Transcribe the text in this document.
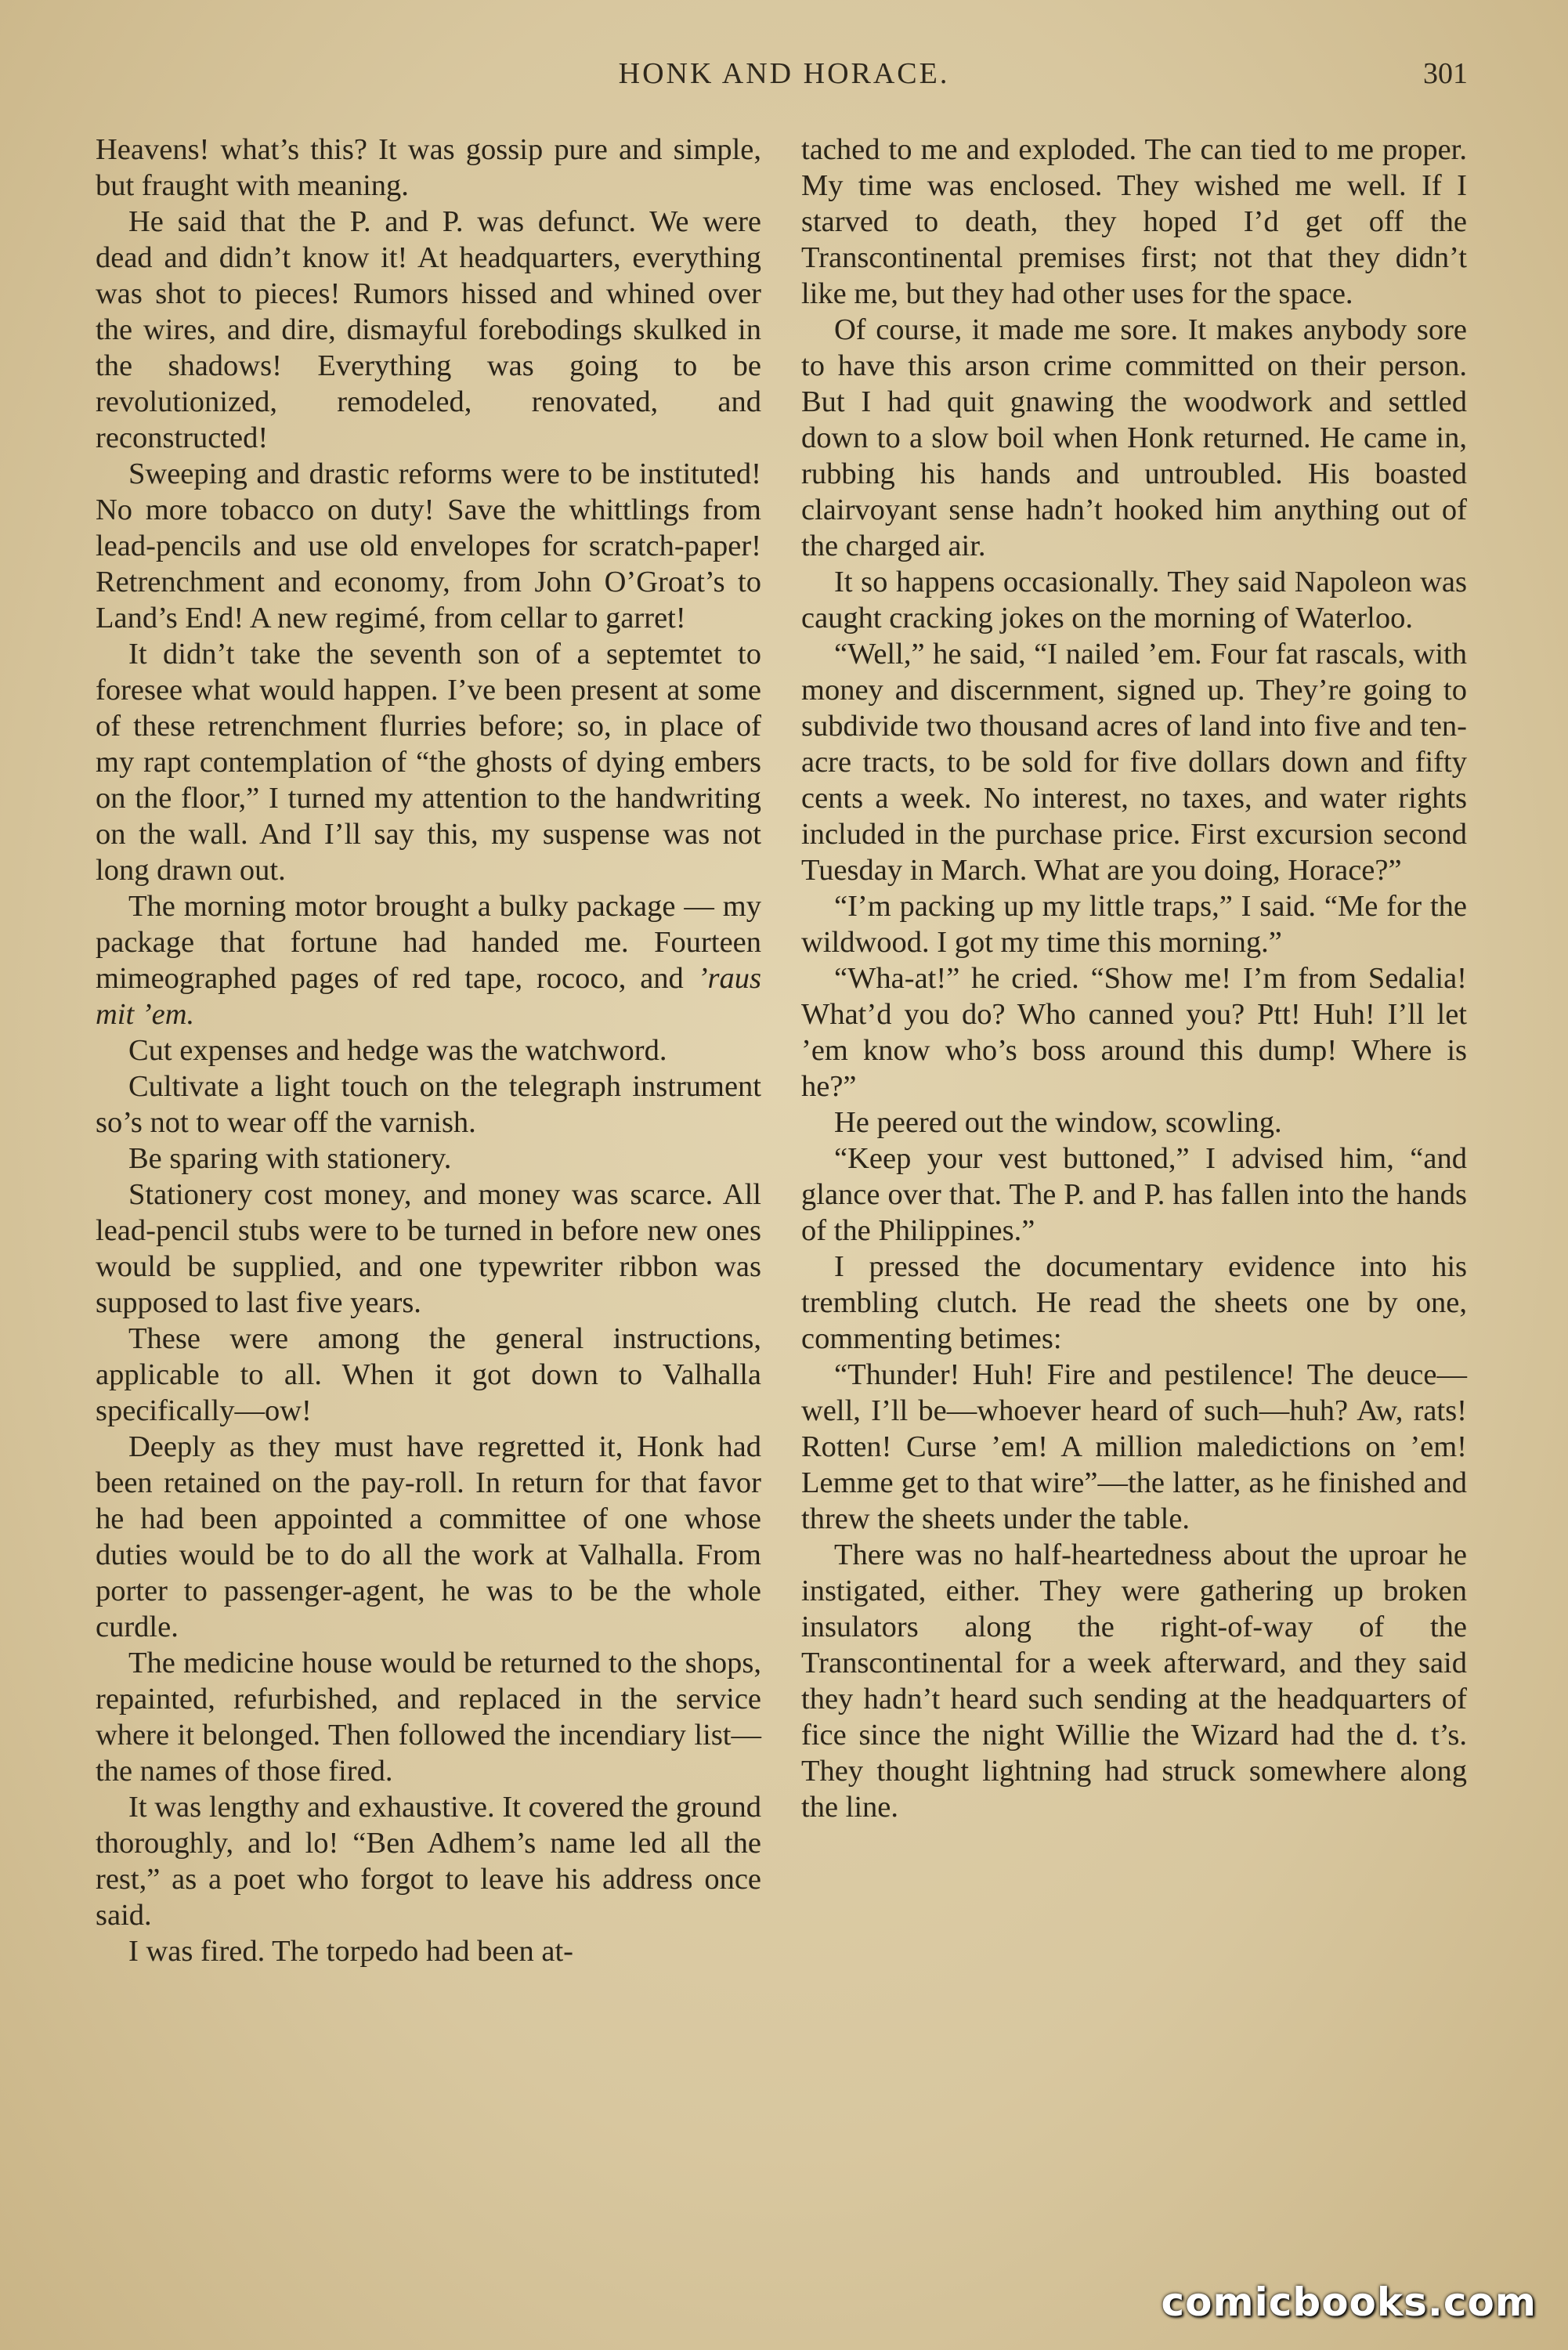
HONK AND HORACE.	301

Heavens! what’s this? It was gossip pure and simple, but fraught with meaning.

He said that the P. and P. was defunct. We were dead and didn’t know it! At headquarters, everything was shot to pieces! Rumors hissed and whined over the wires, and dire, dismayful forebodings skulked in the shadows! Everything was going to be revolutionized, remodeled, renovated, and reconstructed!

Sweeping and drastic reforms were to be instituted! No more tobacco on duty! Save the whittlings from lead-pencils and use old envelopes for scratch-paper! Retrenchment and economy, from John O’Groat’s to Land’s End! A new regimé, from cellar to garret!

It didn’t take the seventh son of a septemtet to foresee what would happen. I’ve been present at some of these retrenchment flurries before; so, in place of my rapt contemplation of “the ghosts of dying embers on the floor,” I turned my attention to the handwriting on the wall. And I’ll say this, my suspense was not long drawn out.

The morning motor brought a bulky package — my package that fortune had handed me. Fourteen mimeographed pages of red tape, rococo, and ’raus mit ’em.

Cut expenses and hedge was the watchword.

Cultivate a light touch on the telegraph instrument so’s not to wear off the varnish.

Be sparing with stationery.

Stationery cost money, and money was scarce. All lead-pencil stubs were to be turned in before new ones would be supplied, and one typewriter ribbon was supposed to last five years.

These were among the general instructions, applicable to all. When it got down to Valhalla specifically—ow!

Deeply as they must have regretted it, Honk had been retained on the pay-roll. In return for that favor he had been appointed a committee of one whose duties would be to do all the work at Valhalla. From porter to passenger-agent, he was to be the whole curdle.

The medicine house would be returned to the shops, repainted, refurbished, and replaced in the service where it belonged. Then followed the incendiary list—the names of those fired.

It was lengthy and exhaustive. It covered the ground thoroughly, and lo! “Ben Adhem’s name led all the rest,” as a poet who forgot to leave his address once said.

I was fired. The torpedo had been at-

tached to me and exploded. The can tied to me proper. My time was enclosed. They wished me well. If I starved to death, they hoped I’d get off the Transcontinental premises first; not that they didn’t like me, but they had other uses for the space.

Of course, it made me sore. It makes anybody sore to have this arson crime committed on their person. But I had quit gnawing the woodwork and settled down to a slow boil when Honk returned. He came in, rubbing his hands and untroubled. His boasted clairvoyant sense hadn’t hooked him anything out of the charged air.

It so happens occasionally. They said Napoleon was caught cracking jokes on the morning of Waterloo.

“Well,” he said, “I nailed ’em. Four fat rascals, with money and discernment, signed up. They’re going to subdivide two thousand acres of land into five and ten-acre tracts, to be sold for five dollars down and fifty cents a week. No interest, no taxes, and water rights included in the purchase price. First excursion second Tuesday in March. What are you doing, Horace?”

“I’m packing up my little traps,” I said. “Me for the wildwood. I got my time this morning.”

“Wha-at!” he cried. “Show me! I’m from Sedalia! What’d you do? Who canned you? Ptt! Huh! I’ll let ’em know who’s boss around this dump! Where is he?”

He peered out the window, scowling.

“Keep your vest buttoned,” I advised him, “and glance over that. The P. and P. has fallen into the hands of the Philippines.”

I pressed the documentary evidence into his trembling clutch. He read the sheets one by one, commenting betimes:

“Thunder! Huh! Fire and pestilence! The deuce—well, I’ll be—whoever heard of such—huh? Aw, rats! Rotten! Curse ’em! A million maledictions on ’em! Lemme get to that wire”—the latter, as he finished and threw the sheets under the table.

There was no half-heartedness about the uproar he instigated, either. They were gathering up broken insulators along the right-of-way of the Transcontinental for a week afterward, and they said they hadn’t heard such sending at the headquarters of fice since the night Willie the Wizard had the d. t’s. They thought lightning had struck somewhere along the line.

comicbooks.com
